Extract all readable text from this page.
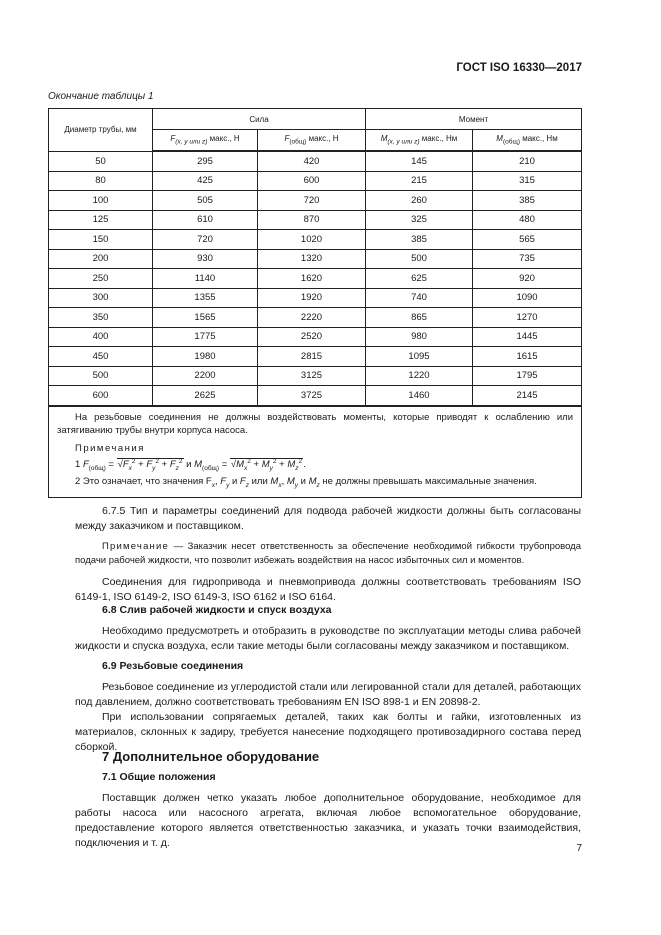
ГОСТ ISO 16330—2017
Окончание таблицы 1
Диаметр трубы, мм	Сила		Момент	
	$F_{(x, y или z)}$ макс., Н	$F_{(общ)}$ макс., Н	$M_{(x, y или z)}$ макс., Нм	$M_{(общ)}$ макс., Нм
50	295	420	145	210
80	425	600	215	315
100	505	720	260	385
125	610	870	325	480
150	720	1020	385	565
200	930	1320	500	735
250	1140	1620	625	920
300	1355	1920	740	1090
350	1565	2220	865	1270
400	1775	2520	980	1445
450	1980	2815	1095	1615
500	2200	3125	1220	1795
600	2625	3725	1460	2145

На резьбовые соединения не должны воздействовать моменты, которые приводят к ослаблению или затягиванию трубы внутри корпуса насоса.

Примечания

1 $F_{(общ)} = √F_x^2 + F_y^2 + F_z^2$ и $M_{(общ)} = √M_x^2 + M_y^2 + M_z^2$.

2 Это означает, что значения $F_x$, $F_y$ и $F_z$ или $M_x$, $M_y$ и $M_z$ не должны превышать максимальные значения.				

6.7.5 Тип и параметры соединений для подвода рабочей жидкости должны быть согласованы между заказчиком и поставщиком.

Примечание — Заказчик несет ответственность за обеспечение необходимой гибкости трубопровода подачи рабочей жидкости, что позволит избежать воздействия на насос избыточных сил и моментов.

Соединения для гидропривода и пневмопривода должны соответствовать требованиям ISO 6149-1, ISO 6149-2, ISO 6149-3, ISO 6162 и ISO 6164.

6.8 Слив рабочей жидкости и спуск воздуха

Необходимо предусмотреть и отобразить в руководстве по эксплуатации методы слива рабочей жидкости и спуска воздуха, если такие методы были согласованы между заказчиком и поставщиком.

6.9 Резьбовые соединения

Резьбовое соединение из углеродистой стали или легированной стали для деталей, работающих под давлением, должно соответствовать требованиям EN ISO 898-1 и EN 20898-2.

При использовании сопрягаемых деталей, таких как болты и гайки, изготовленных из материалов, склонных к задиру, требуется нанесение подходящего противозадирного состава перед сборкой.

7 Дополнительное оборудование

7.1 Общие положения

Поставщик должен четко указать любое дополнительное оборудование, необходимое для работы насоса или насосного агрегата, включая любое вспомогательное оборудование, предоставление которого является ответственностью заказчика, и указать точки взаимодействия, подключения и т. д.	7
